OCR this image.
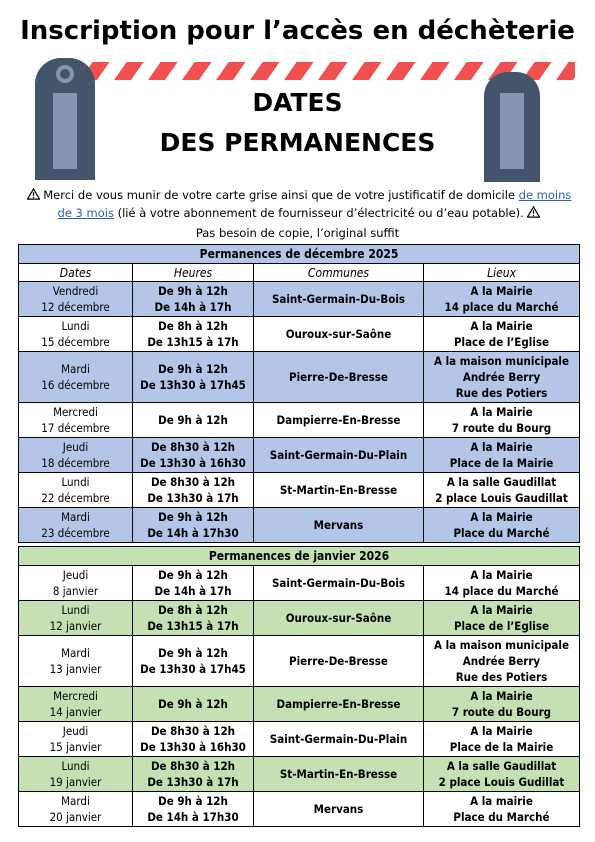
Inscription pour l’accès en déchèterie
DATES
DES PERMANENCES
Merci de vous munir de votre carte grise ainsi que de votre justificatif de domicile de moins de 3 mois (lié à votre abonnement de fournisseur d’électricité ou d’eau potable).
Pas besoin de copie, l’original suffit
Permanences de décembre 2025			
Dates	Heures	Communes	Lieux

Vendredi
12 décembre	De 9h à 12h
De 14h à 17h	Saint-Germain-Du-Bois	A la Mairie
14 place du Marché

Lundi
15 décembre	De 8h à 12h
De 13h15 à 17h	Ouroux-sur-Saône	A la Mairie
Place de l’Eglise

Mardi
16 décembre	De 9h à 12h
De 13h30 à 17h45	Pierre-De-Bresse	A la maison municipale
Andrée Berry
Rue des Potiers

Mercredi
17 décembre	De 9h à 12h	Dampierre-En-Bresse	A la Mairie
7 route du Bourg

Jeudi
18 décembre	De 8h30 à 12h
De 13h30 à 16h30	Saint-Germain-Du-Plain	A la Mairie
Place de la Mairie

Lundi
22 décembre	De 8h30 à 12h
De 13h30 à 17h	St-Martin-En-Bresse	A la salle Gaudillat
2 place Louis Gaudillat

Mardi
23 décembre	De 9h à 12h
De 14h à 17h30	Mervans	A la Mairie
Place du Marché
Permanences de janvier 2026			

Jeudi
8 janvier	De 9h à 12h
De 14h à 17h	Saint-Germain-Du-Bois	A la Mairie
14 place du Marché

Lundi
12 janvier	De 8h à 12h
De 13h15 à 17h	Ouroux-sur-Saône	A la Mairie
Place de l’Eglise

Mardi
13 janvier	De 9h à 12h
De 13h30 à 17h45	Pierre-De-Bresse	A la maison municipale
Andrée Berry
Rue des Potiers

Mercredi
14 janvier	De 9h à 12h	Dampierre-En-Bresse	A la Mairie
7 route du Bourg

Jeudi
15 janvier	De 8h30 à 12h
De 13h30 à 16h30	Saint-Germain-Du-Plain	A la Mairie
Place de la Mairie

Lundi
19 janvier	De 8h30 à 12h
De 13h30 à 17h	St-Martin-En-Bresse	A la salle Gaudillat
2 place Louis Gudillat

Mardi
20 janvier	De 9h à 12h
De 14h à 17h30	Mervans	A la mairie
Place du Marché
